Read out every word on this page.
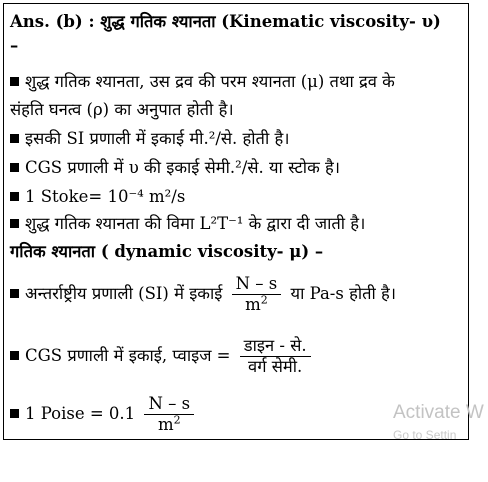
Ans. (b) : शुद्ध गतिक श्यानता (Kinematic viscosity- υ)
–
शुद्ध गतिक श्यानता, उस द्रव की परम श्यानता (μ) तथा द्रव के
संहति घनत्व (ρ) का अनुपात होती है।
इसकी SI प्रणाली में इकाई मी.²/से. होती है।
CGS प्रणाली में υ की इकाई सेमी.²/से. या स्टोक है।
1 Stoke= 10⁻⁴ m²/s
शुद्ध गतिक श्यानता की विमा L²T⁻¹ के द्वारा दी जाती है।
गतिक श्यानता ( dynamic viscosity- μ) –
अन्तर्राष्ट्रीय प्रणाली (SI) में इकाई $\frac{N - s}{m^2}$ या Pa-s होती है।
CGS प्रणाली में इकाई, प्वाइज = $\frac{\text{डाइन - से.}}{\text{वर्ग सेमी.}}$
1 Poise = $0.1 \frac{N - s}{m^2}$	Activate W
Go to Settin
